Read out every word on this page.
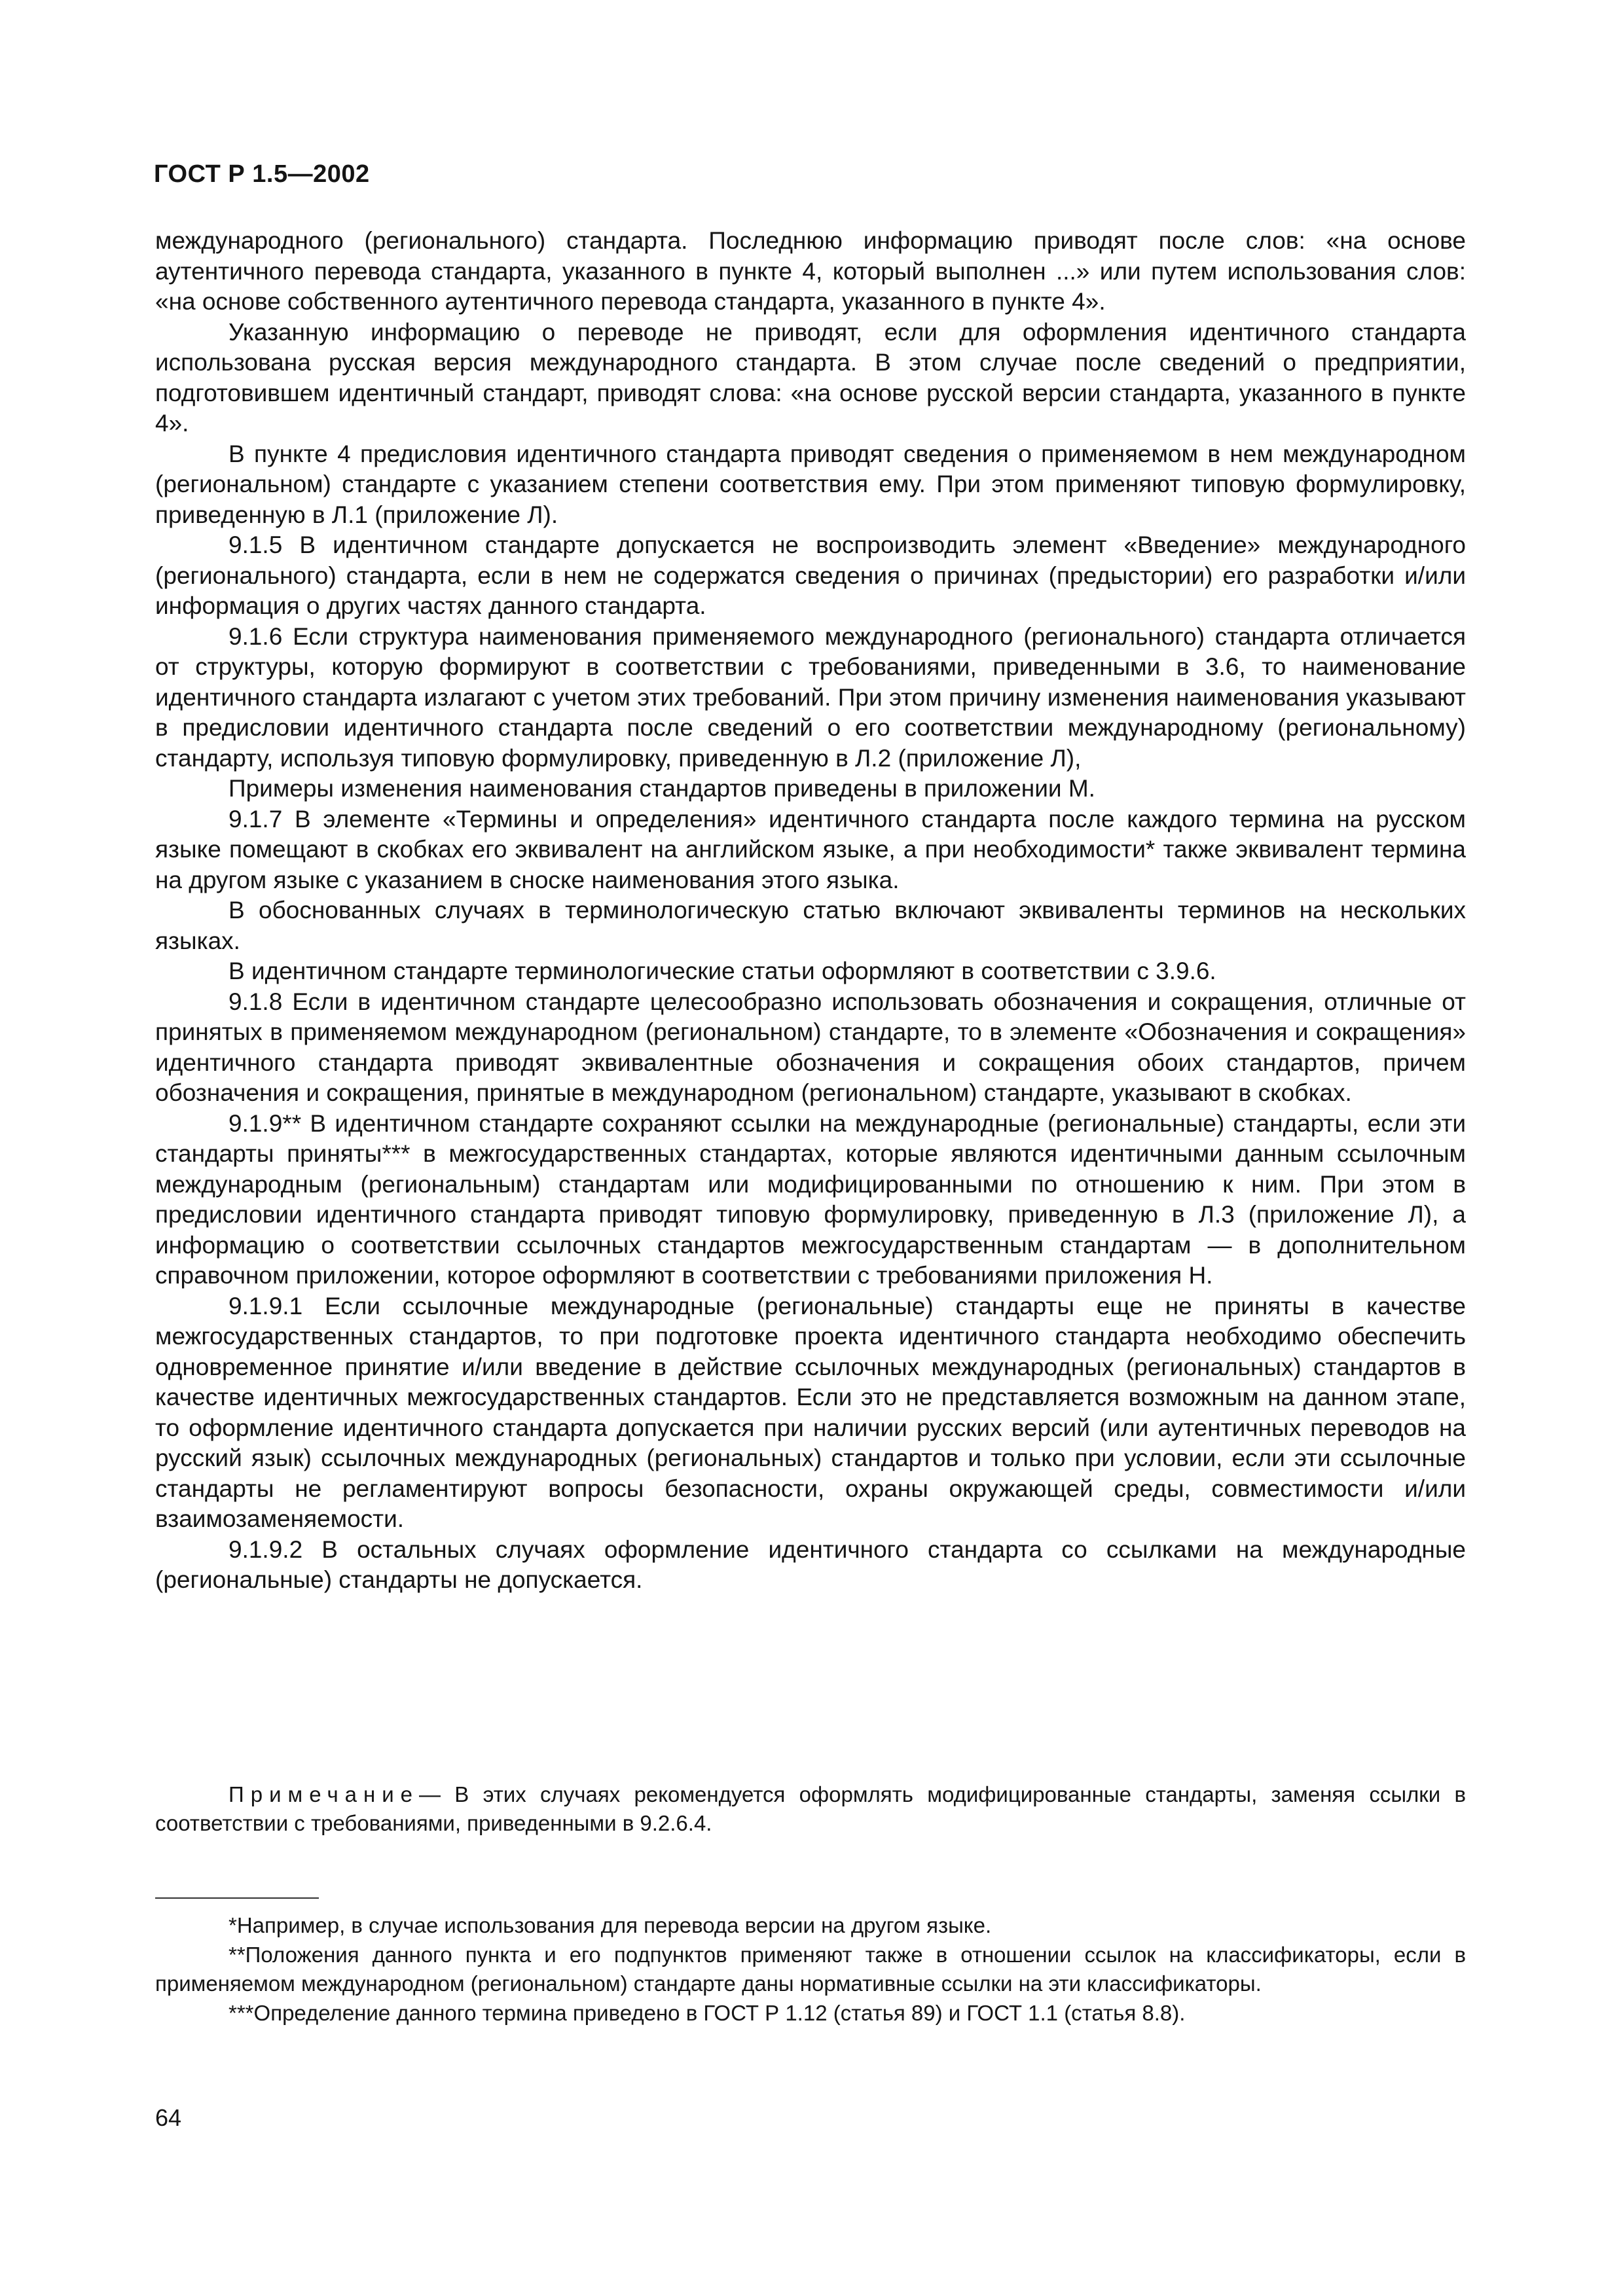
ГОСТ Р 1.5—2002

международного (регионального) стандарта. Последнюю информацию приводят после слов: «на основе аутентичного перевода стандарта, указанного в пункте 4, который выполнен ...» или путем использования слов: «на основе собственного аутентичного перевода стандарта, указанного в пункте 4».

Указанную информацию о переводе не приводят, если для оформления идентичного стандарта использована русская версия международного стандарта. В этом случае после сведений о предприятии, подготовившем идентичный стандарт, приводят слова: «на основе русской версии стандарта, указанного в пункте 4».

В пункте 4 предисловия идентичного стандарта приводят сведения о применяемом в нем международном (региональном) стандарте с указанием степени соответствия ему. При этом применяют типовую формулировку, приведенную в Л.1 (приложение Л).

9.1.5 В идентичном стандарте допускается не воспроизводить элемент «Введение» международного (регионального) стандарта, если в нем не содержатся сведения о причинах (предыстории) его разработки и/или информация о других частях данного стандарта.

9.1.6 Если структура наименования применяемого международного (регионального) стандарта отличается от структуры, которую формируют в соответствии с требованиями, приведенными в 3.6, то наименование идентичного стандарта излагают с учетом этих требований. При этом причину изменения наименования указывают в предисловии идентичного стандарта после сведений о его соответствии международному (региональному) стандарту, используя типовую формулировку, приведенную в Л.2 (приложение Л),

Примеры изменения наименования стандартов приведены в приложении М.

9.1.7 В элементе «Термины и определения» идентичного стандарта после каждого термина на русском языке помещают в скобках его эквивалент на английском языке, а при необходимости* также эквивалент термина на другом языке с указанием в сноске наименования этого языка.

В обоснованных случаях в терминологическую статью включают эквиваленты терминов на нескольких языках.

В идентичном стандарте терминологические статьи оформляют в соответствии с 3.9.6.

9.1.8 Если в идентичном стандарте целесообразно использовать обозначения и сокращения, отличные от принятых в применяемом международном (региональном) стандарте, то в элементе «Обозначения и сокращения» идентичного стандарта приводят эквивалентные обозначения и сокращения обоих стандартов, причем обозначения и сокращения, принятые в международном (региональном) стандарте, указывают в скобках.

9.1.9** В идентичном стандарте сохраняют ссылки на международные (региональные) стандарты, если эти стандарты приняты*** в межгосударственных стандартах, которые являются идентичными данным ссылочным международным (региональным) стандартам или модифицированными по отношению к ним. При этом в предисловии идентичного стандарта приводят типовую формулировку, приведенную в Л.3 (приложение Л), а информацию о соответствии ссылочных стандартов межгосударственным стандартам — в дополнительном справочном приложении, которое оформляют в соответствии с требованиями приложения Н.

9.1.9.1 Если ссылочные международные (региональные) стандарты еще не приняты в качестве межгосударственных стандартов, то при подготовке проекта идентичного стандарта необходимо обеспечить одновременное принятие и/или введение в действие ссылочных международных (региональных) стандартов в качестве идентичных межгосударственных стандартов. Если это не представляется возможным на данном этапе, то оформление идентичного стандарта допускается при наличии русских версий (или аутентичных переводов на русский язык) ссылочных международных (региональных) стандартов и только при условии, если эти ссылочные стандарты не регламентируют вопросы безопасности, охраны окружающей среды, совместимости и/или взаимозаменяемости.

9.1.9.2 В остальных случаях оформление идентичного стандарта со ссылками на международные (региональные) стандарты не допускается.

Примечание— В этих случаях рекомендуется оформлять модифицированные стандарты, заменяя ссылки в соответствии с требованиями, приведенными в 9.2.6.4.

*Например, в случае использования для перевода версии на другом языке.

**Положения данного пункта и его подпунктов применяют также в отношении ссылок на классификаторы, если в применяемом международном (региональном) стандарте даны нормативные ссылки на эти классификаторы.

***Определение данного термина приведено в ГОСТ Р 1.12 (статья 89) и ГОСТ 1.1 (статья 8.8).

64
